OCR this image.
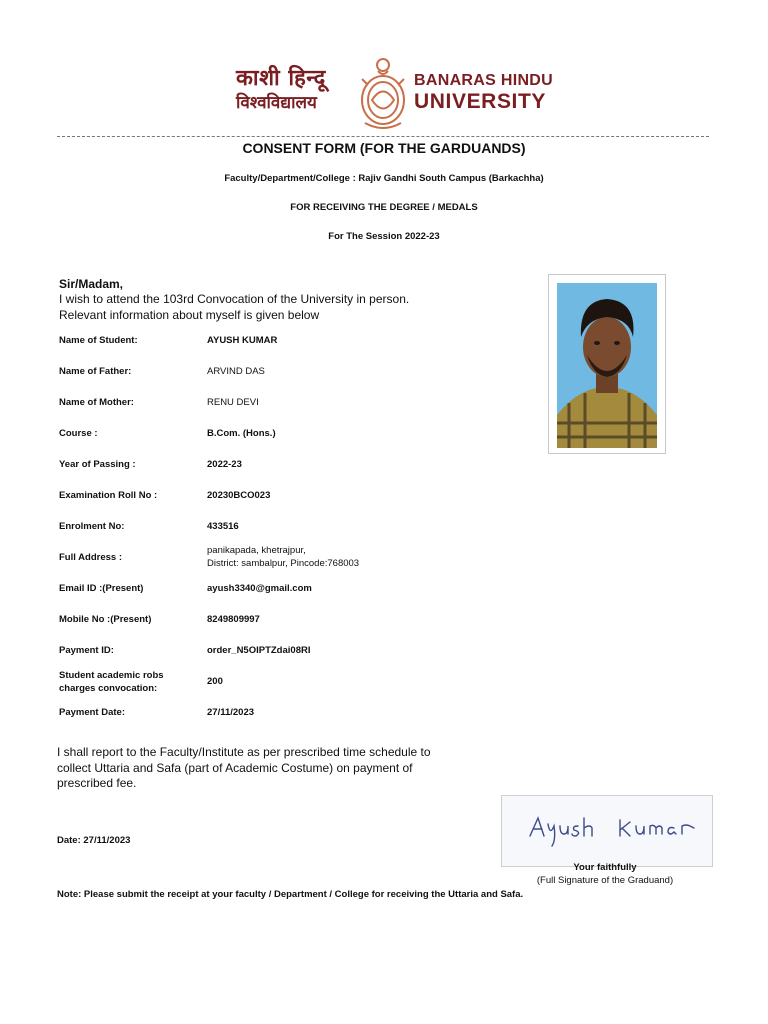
काशी हिन्दू
विश्वविद्यालय
BANARAS HINDU
UNIVERSITY
CONSENT FORM (FOR THE GARDUANDS)
Faculty/Department/College : Rajiv Gandhi South Campus (Barkachha)
FOR RECEIVING THE DEGREE / MEDALS
For The Session 2022-23
Sir/Madam,
I wish to attend the 103rd Convocation of the University in person.
Relevant information about myself is given below
Name of Student:	AYUSH KUMAR
Name of Father:	ARVIND DAS
Name of Mother:	RENU DEVI
Course :	B.Com. (Hons.)
Year of Passing :	2022-23
Examination Roll No :	20230BCO023
Enrolment No:	433516
Full Address :
panikapada, khetrajpur,
District: sambalpur, Pincode:768003
Email ID :(Present)	ayush3340@gmail.com
Mobile No :(Present)	8249809997
Payment ID:	order_N5OIPTZdai08RI
Student academic robs
charges convocation:
200
Payment Date:	27/11/2023
I shall report to the Faculty/Institute as per prescribed time schedule to
collect Uttaria and Safa (part of Academic Costume) on payment of
prescribed fee.
Date: 27/11/2023
Your faithfully
(Full Signature of the Graduand)
Note: Please submit the receipt at your faculty / Department / College for receiving the Uttaria and Safa.
